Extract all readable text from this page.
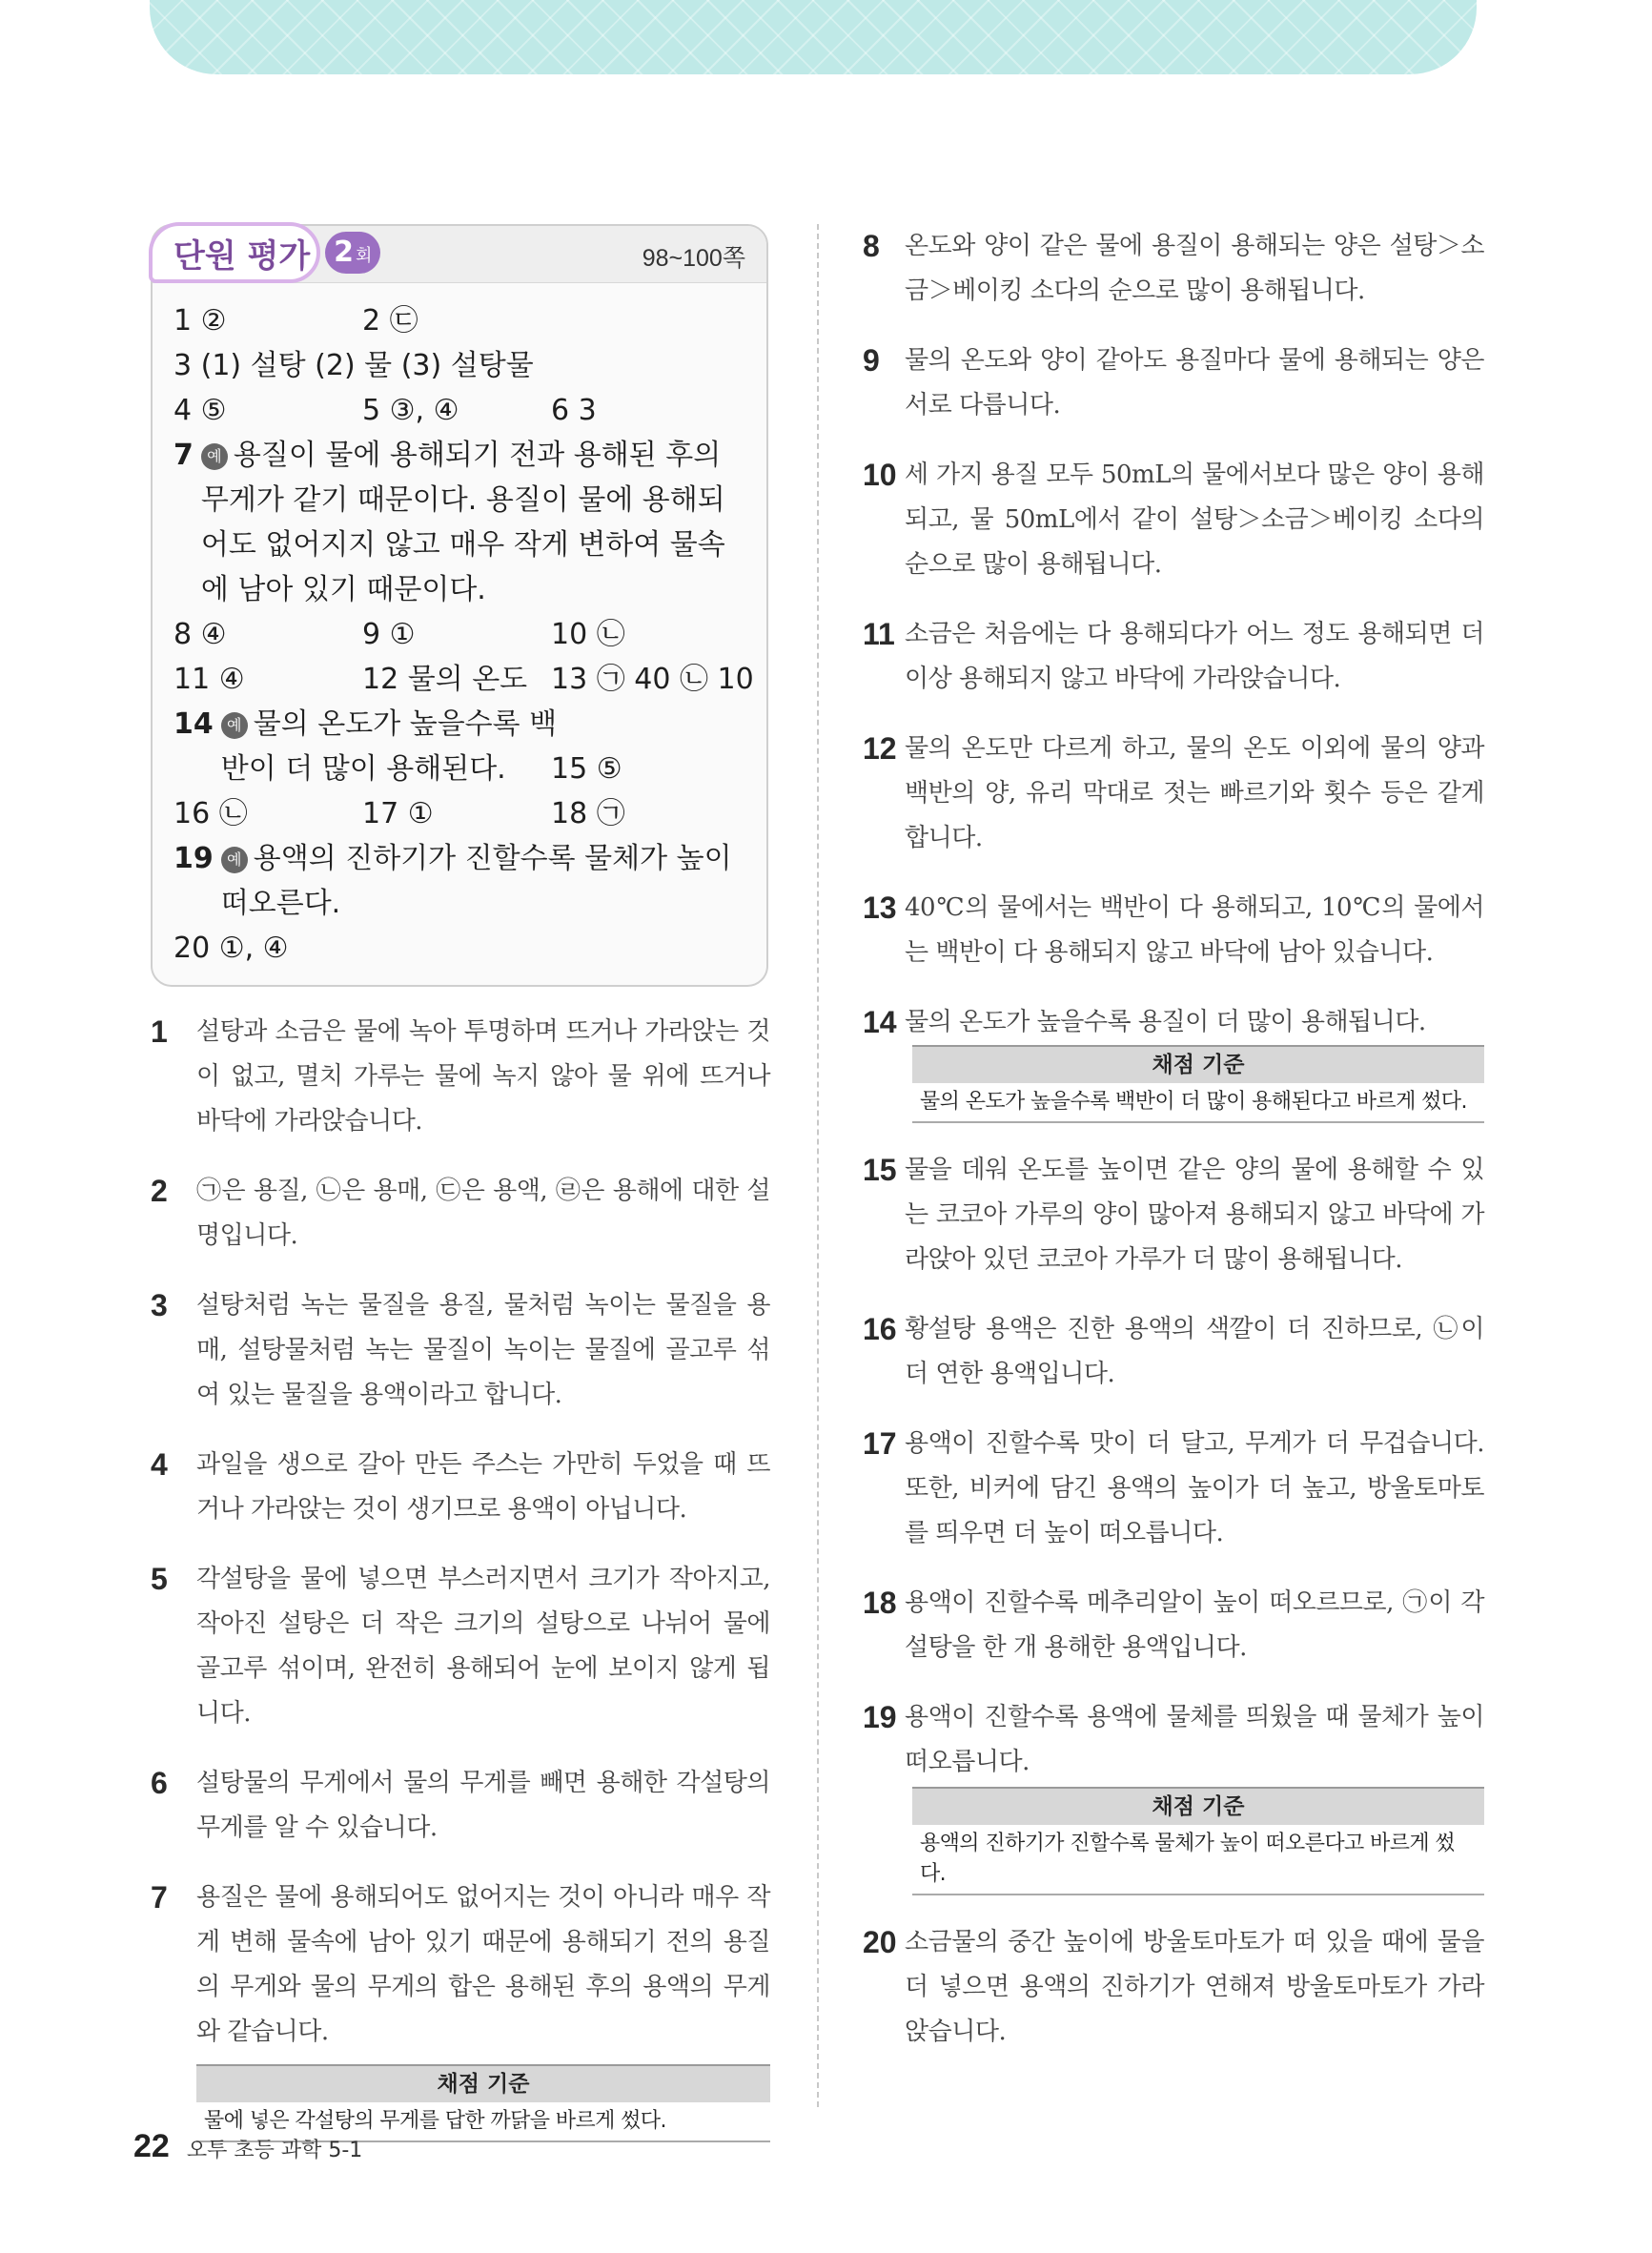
단원 평가 2 회	98~100쪽
1 ②	2 ㉢
3 (1) 설탕 (2) 물 (3) 설탕물
4 ⑤	5 ③, ④	6 3
7 예 용질이 물에 용해되기 전과 용해된 후의 무게가 같기 때문이다. 용질이 물에 용해되어도 없어지지 않고 매우 작게 변하여 물속에 남아 있기 때문이다.
8 ④	9 ①	10 ㉡
11 ④	12 물의 온도 13 ㉠ 40 ㉡ 10
14 예 물의 온도가 높을수록 백반이 더 많이 용해된다.	15 ⑤
16 ㉡	17 ①	18 ㉠
19 예 용액의 진하기가 진할수록 물체가 높이 떠오른다.
20 ①, ④
1	설탕과 소금은 물에 녹아 투명하며 뜨거나 가라앉는 것이 없고, 멸치 가루는 물에 녹지 않아 물 위에 뜨거나 바닥에 가라앉습니다.
2	㉠은 용질, ㉡은 용매, ㉢은 용액, ㉣은 용해에 대한 설명입니다.
3	설탕처럼 녹는 물질을 용질, 물처럼 녹이는 물질을 용매, 설탕물처럼 녹는 물질이 녹이는 물질에 골고루 섞여 있는 물질을 용액이라고 합니다.
4	과일을 생으로 갈아 만든 주스는 가만히 두었을 때 뜨거나 가라앉는 것이 생기므로 용액이 아닙니다.
5	각설탕을 물에 넣으면 부스러지면서 크기가 작아지고, 작아진 설탕은 더 작은 크기의 설탕으로 나뉘어 물에 골고루 섞이며, 완전히 용해되어 눈에 보이지 않게 됩니다.
6	설탕물의 무게에서 물의 무게를 빼면 용해한 각설탕의 무게를 알 수 있습니다.
7	용질은 물에 용해되어도 없어지는 것이 아니라 매우 작게 변해 물속에 남아 있기 때문에 용해되기 전의 용질의 무게와 물의 무게의 합은 용해된 후의 용액의 무게와 같습니다.
채점 기준
물에 넣은 각설탕의 무게를 답한 까닭을 바르게 썼다.
8	온도와 양이 같은 물에 용질이 용해되는 양은 설탕＞소금＞베이킹 소다의 순으로 많이 용해됩니다.
9	물의 온도와 양이 같아도 용질마다 물에 용해되는 양은 서로 다릅니다.
10 세 가지 용질 모두 50mL의 물에서보다 많은 양이 용해되고, 물 50mL에서 같이 설탕＞소금＞베이킹 소다의 순으로 많이 용해됩니다.
11 소금은 처음에는 다 용해되다가 어느 정도 용해되면 더 이상 용해되지 않고 바닥에 가라앉습니다.
12 물의 온도만 다르게 하고, 물의 온도 이외에 물의 양과 백반의 양, 유리 막대로 젓는 빠르기와 횟수 등은 같게 합니다.
13 40℃의 물에서는 백반이 다 용해되고, 10℃의 물에서는 백반이 다 용해되지 않고 바닥에 남아 있습니다.
14 물의 온도가 높을수록 용질이 더 많이 용해됩니다.
채점 기준
물의 온도가 높을수록 백반이 더 많이 용해된다고 바르게 썼다.
15 물을 데워 온도를 높이면 같은 양의 물에 용해할 수 있는 코코아 가루의 양이 많아져 용해되지 않고 바닥에 가라앉아 있던 코코아 가루가 더 많이 용해됩니다.
16 황설탕 용액은 진한 용액의 색깔이 더 진하므로, ㉡이 더 연한 용액입니다.
17 용액이 진할수록 맛이 더 달고, 무게가 더 무겁습니다. 또한, 비커에 담긴 용액의 높이가 더 높고, 방울토마토를 띄우면 더 높이 떠오릅니다.
18 용액이 진할수록 메추리알이 높이 떠오르므로, ㉠이 각설탕을 한 개 용해한 용액입니다.
19 용액이 진할수록 용액에 물체를 띄웠을 때 물체가 높이 떠오릅니다.
채점 기준
용액의 진하기가 진할수록 물체가 높이 떠오른다고 바르게 썼다.
20 소금물의 중간 높이에 방울토마토가 떠 있을 때에 물을 더 넣으면 용액의 진하기가 연해져 방울토마토가 가라앉습니다.
22 오투 초등 과학 5-1
